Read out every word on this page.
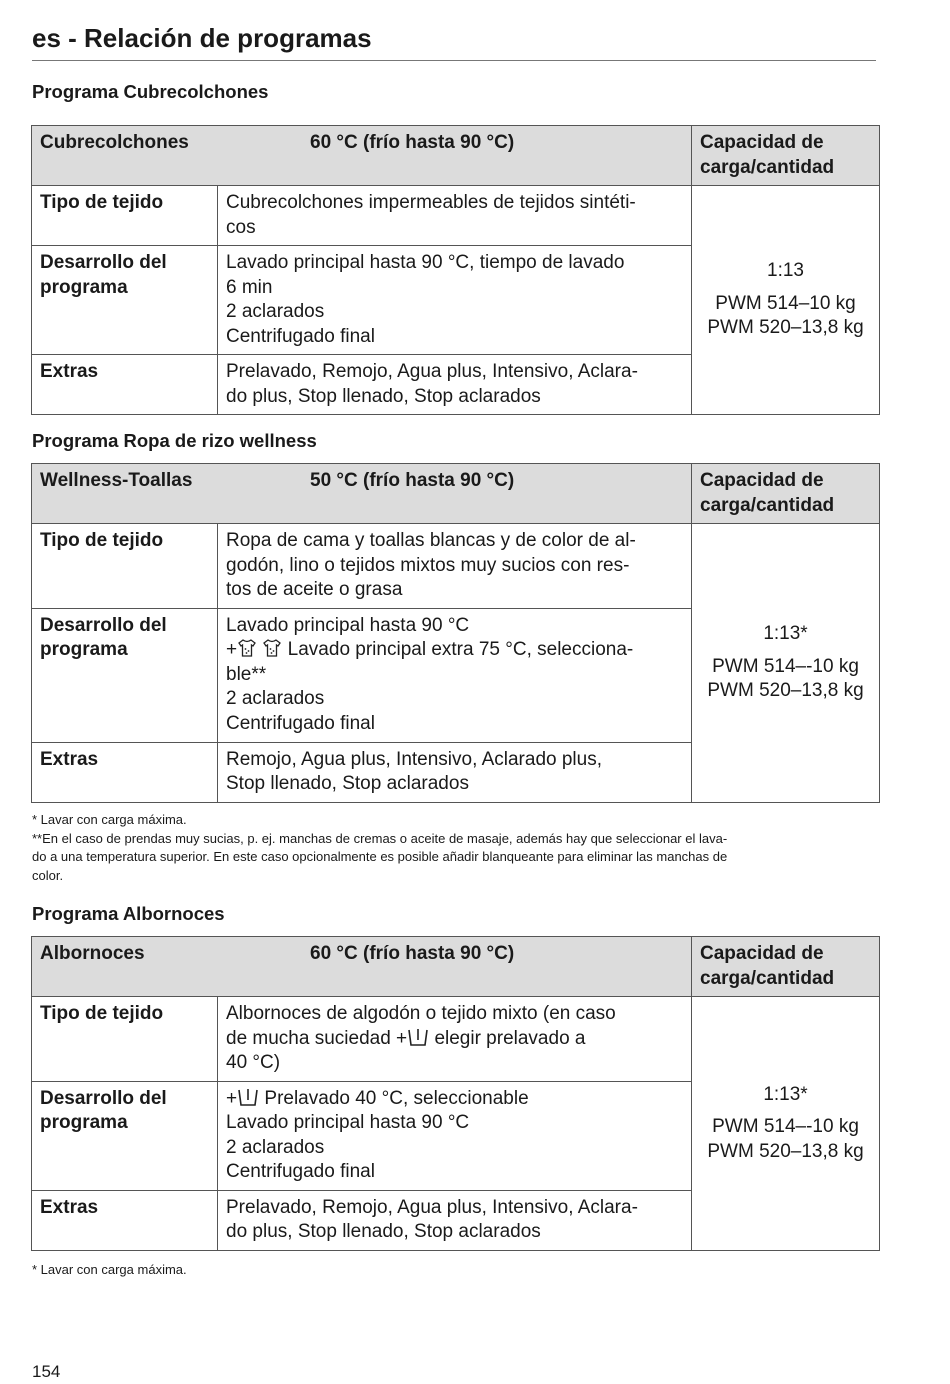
es - Relación de programas
Programa Cubrecolchones
Cubrecolchones 60 °C (frío hasta 90 °C)		Capacidad de carga/cantidad
Tipo de tejido	Cubrecolchones impermeables de tejidos sintéti-
cos	1:13
PWM 514–10 kg
PWM 520–13,8 kg

Desarrollo del
programa	Lavado principal hasta 90 °C, tiempo de lavado
6 min
2 aclarados
Centrifugado final	

Extras	Prelavado, Remojo, Agua plus, Intensivo, Aclara-
do plus, Stop llenado, Stop aclarados	
Programa Ropa de rizo wellness
Wellness-Toallas 50 °C (frío hasta 90 °C)		Capacidad de carga/cantidad
Tipo de tejido	Ropa de cama y toallas blancas y de color de al-
godón, lino o tejidos mixtos muy sucios con res-
tos de aceite o grasa	1:13*
PWM 514–-10 kg
PWM 520–13,8 kg

Desarrollo del
programa	Lavado principal hasta 90 °C
+ Lavado principal extra 75 °C, selecciona-
ble**
2 aclarados
Centrifugado final	

Extras	Remojo, Agua plus, Intensivo, Aclarado plus,
Stop llenado, Stop aclarados	
* Lavar con carga máxima.
**En el caso de prendas muy sucias, p. ej. manchas de cremas o aceite de masaje, además hay que seleccionar el lava-
do a una temperatura superior. En este caso opcionalmente es posible añadir blanqueante para eliminar las manchas de
color.
Programa Albornoces
Albornoces 60 °C (frío hasta 90 °C)		Capacidad de carga/cantidad
Tipo de tejido	Albornoces de algodón o tejido mixto (en caso
de mucha suciedad + elegir prelavado a
40 °C)	1:13*
PWM 514–-10 kg
PWM 520–13,8 kg

Desarrollo del
programa	+ Prelavado 40 °C, seleccionable
Lavado principal hasta 90 °C
2 aclarados
Centrifugado final	

Extras	Prelavado, Remojo, Agua plus, Intensivo, Aclara-
do plus, Stop llenado, Stop aclarados	
* Lavar con carga máxima.
154
